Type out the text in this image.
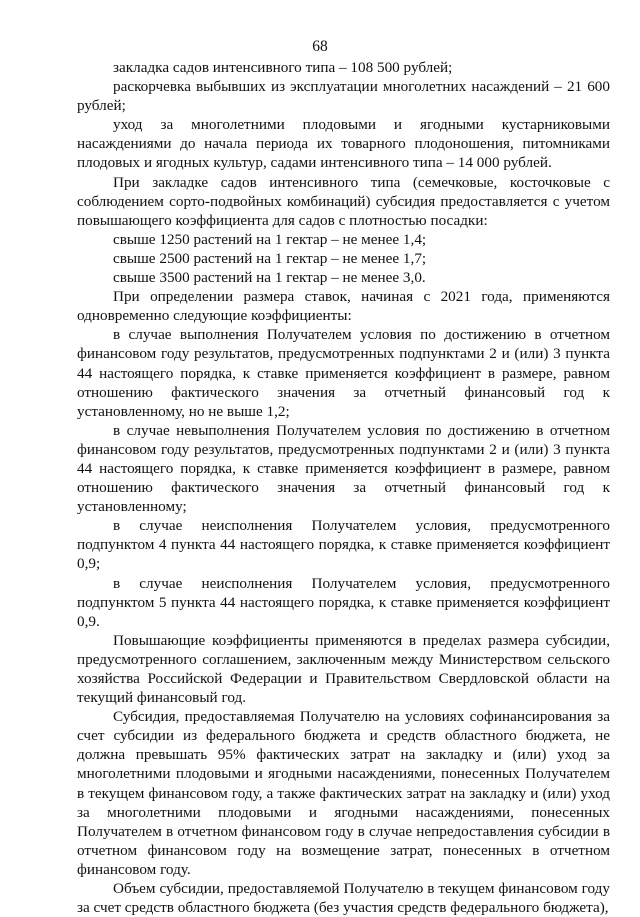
68

закладка садов интенсивного типа – 108 500 рублей;

раскорчевка выбывших из эксплуатации многолетних насаждений – 21 600 рублей;

уход за многолетними плодовыми и ягодными кустарниковыми насаждениями до начала периода их товарного плодоношения, питомниками плодовых и ягодных культур, садами интенсивного типа – 14 000 рублей.

При закладке садов интенсивного типа (семечковые, косточковые с соблюдением сорто-подвойных комбинаций) субсидия предоставляется с учетом повышающего коэффициента для садов с плотностью посадки:

свыше 1250 растений на 1 гектар – не менее 1,4;

свыше 2500 растений на 1 гектар – не менее 1,7;

свыше 3500 растений на 1 гектар – не менее 3,0.

При определении размера ставок, начиная с 2021 года, применяются одновременно следующие коэффициенты:

в случае выполнения Получателем условия по достижению в отчетном финансовом году результатов, предусмотренных подпунктами 2 и (или) 3 пункта 44 настоящего порядка, к ставке применяется коэффициент в размере, равном отношению фактического значения за отчетный финансовый год к установленному, но не выше 1,2;

в случае невыполнения Получателем условия по достижению в отчетном финансовом году результатов, предусмотренных подпунктами 2 и (или) 3 пункта 44 настоящего порядка, к ставке применяется коэффициент в размере, равном отношению фактического значения за отчетный финансовый год к установленному;

в случае неисполнения Получателем условия, предусмотренного подпунктом 4 пункта 44 настоящего порядка, к ставке применяется коэффициент 0,9;

в случае неисполнения Получателем условия, предусмотренного подпунктом 5 пункта 44 настоящего порядка, к ставке применяется коэффициент 0,9.

Повышающие коэффициенты применяются в пределах размера субсидии, предусмотренного соглашением, заключенным между Министерством сельского хозяйства Российской Федерации и Правительством Свердловской области на текущий финансовый год.

Субсидия, предоставляемая Получателю на условиях софинансирования за счет субсидии из федерального бюджета и средств областного бюджета, не должна превышать 95% фактических затрат на закладку и (или) уход за многолетними плодовыми и ягодными насаждениями, понесенных Получателем в текущем финансовом году, а также фактических затрат на закладку и (или) уход за многолетними плодовыми и ягодными насаждениями, понесенных Получателем в отчетном финансовом году в случае непредоставления субсидии в отчетном финансовом году на возмещение затрат, понесенных в отчетном финансовом году.

Объем субсидии, предоставляемой Получателю в текущем финансовом году за счет средств областного бюджета (без участия средств федерального бюджета),
